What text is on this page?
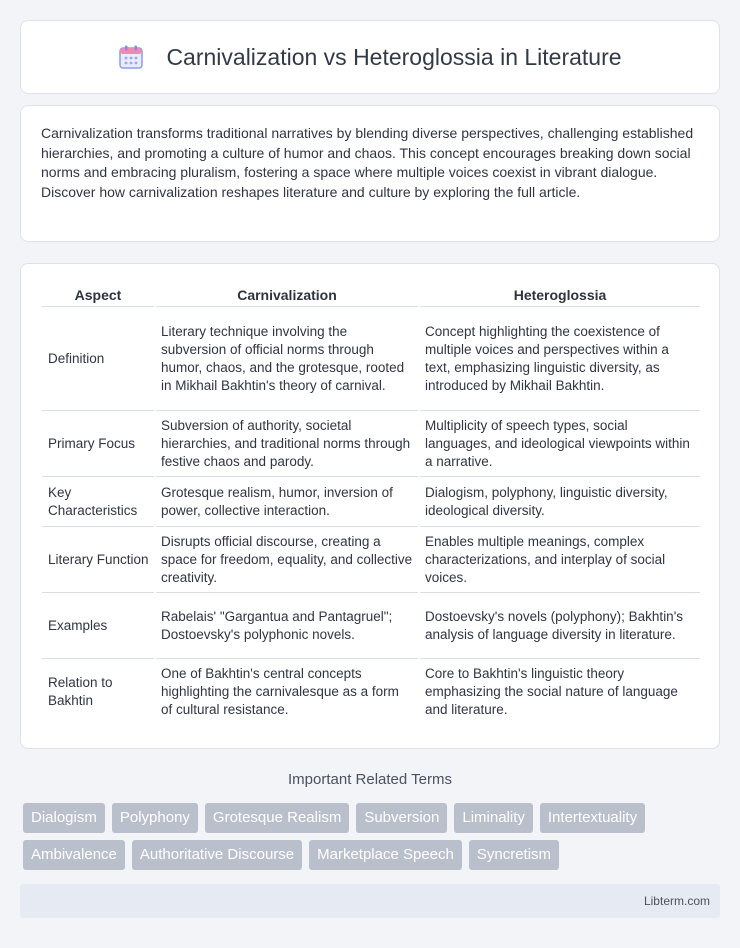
Carnivalization vs Heteroglossia in Literature

Carnivalization transforms traditional narratives by blending diverse perspectives, challenging established hierarchies, and promoting a culture of humor and chaos. This concept encourages breaking down social norms and embracing pluralism, fostering a space where multiple voices coexist in vibrant dialogue. Discover how carnivalization reshapes literature and culture by exploring the full article.

Aspect	Carnivalization	Heteroglossia
Definition	Literary technique involving the subversion of official norms through humor, chaos, and the grotesque, rooted in Mikhail Bakhtin's theory of carnival.	Concept highlighting the coexistence of multiple voices and perspectives within a text, emphasizing linguistic diversity, as introduced by Mikhail Bakhtin.
Primary Focus	Subversion of authority, societal hierarchies, and traditional norms through festive chaos and parody.	Multiplicity of speech types, social languages, and ideological viewpoints within a narrative.
Key Characteristics	Grotesque realism, humor, inversion of power, collective interaction.	Dialogism, polyphony, linguistic diversity, ideological diversity.
Literary Function	Disrupts official discourse, creating a space for freedom, equality, and collective creativity.	Enables multiple meanings, complex characterizations, and interplay of social voices.
Examples	Rabelais' "Gargantua and Pantagruel"; Dostoevsky's polyphonic novels.	Dostoevsky's novels (polyphony); Bakhtin's analysis of language diversity in literature.
Relation to Bakhtin	One of Bakhtin's central concepts highlighting the carnivalesque as a form of cultural resistance.	Core to Bakhtin's linguistic theory emphasizing the social nature of language and literature.
Important Related Terms
Dialogism	Polyphony	Grotesque Realism	Subversion	Liminality	Intertextuality
Ambivalence	Authoritative Discourse	Marketplace Speech	Syncretism
Libterm.com
